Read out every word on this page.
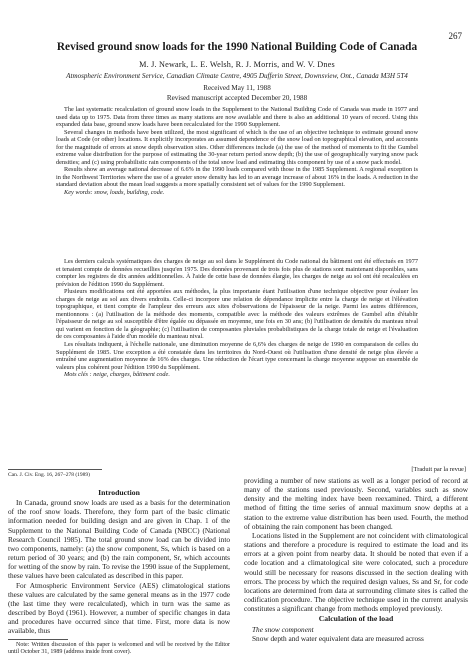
267
Revised ground snow loads for the 1990 National Building Code of Canada
M. J. Newark, L. E. Welsh, R. J. Morris, and W. V. Dnes
Atmospheric Environment Service, Canadian Climate Centre, 4905 Dufferin Street, Downsview, Ont., Canada M3H 5T4
Received May 11, 1988
Revised manuscript accepted December 20, 1988

The last systematic recalculation of ground snow loads in the Supplement to the National Building Code of Canada was made in 1977 and used data up to 1975. Data from three times as many stations are now available and there is also an additional 10 years of record. Using this expanded data base, ground snow loads have been recalculated for the 1990 Supplement.

Several changes in methods have been utilized, the most significant of which is the use of an objective technique to estimate ground snow loads at Code (or other) locations. It explicitly incorporates an assumed dependence of the snow load on topographical elevation, and accounts for the magnitude of errors at snow depth observation sites. Other differences include (a) the use of the method of moments to fit the Gumbel extreme value distribution for the purpose of estimating the 30-year return period snow depth; (b) the use of geographically varying snow pack densities; and (c) using probabilistic rain components of the total snow load and estimating this component by use of a snow pack model.

Results show an average national decrease of 6.6% in the 1990 loads compared with those in the 1985 Supplement. A regional exception is in the Northwest Territories where the use of a greater snow density has led to an average increase of about 16% in the loads. A reduction in the standard deviation about the mean load suggests a more spatially consistent set of values for the 1990 Supplement.

Key words: snow, loads, building, code.

Les derniers calculs systématiques des charges de neige au sol dans le Supplément du Code national du bâtiment ont été effectués en 1977 et tenaient compte de données recueillies jusqu'en 1975. Des données provenant de trois fois plus de stations sont maintenant disponibles, sans compter les registres de dix années additionnelles. À l'aide de cette base de données élargie, les charges de neige au sol ont été recalculées en prévision de l'édition 1990 du Supplément.

Plusieurs modifications ont été apportées aux méthodes, la plus importante étant l'utilisation d'une technique objective pour évaluer les charges de neige au sol aux divers endroits. Celle-ci incorpore une relation de dépendance implicite entre la charge de neige et l'élévation topographique, et tient compte de l'ampleur des erreurs aux sites d'observations de l'épaisseur de la neige. Parmi les autres différences, mentionnons : (a) l'utilisation de la méthode des moments, compatible avec la méthode des valeurs extrêmes de Gumbel afin d'établir l'épaisseur de neige au sol susceptible d'être égalée ou dépassée en moyenne, une fois en 30 ans; (b) l'utilisation de densités du manteau nival qui varient en fonction de la géographie; (c) l'utilisation de composantes pluviales probabilistiques de la charge totale de neige et l'évaluation de ces composantes à l'aide d'un modèle du manteau nival.

Les résultats indiquent, à l'échelle nationale, une diminution moyenne de 6,6% des charges de neige de 1990 en comparaison de celles du Supplément de 1985. Une exception a été constatée dans les territoires du Nord-Ouest où l'utilisation d'une densité de neige plus élevée a entraîné une augmentation moyenne de 16% des charges. Une réduction de l'écart type concernant la charge moyenne suppose un ensemble de valeurs plus cohérent pour l'édition 1990 du Supplément.

Mots clés : neige, charges, bâtiment code.

[Traduit par la revue]
Can. J. Civ. Eng. 16, 267–278 (1989)
Introduction

In Canada, ground snow loads are used as a basis for the determination of the roof snow loads. Therefore, they form part of the basic climatic information needed for building design and are given in Chap. 1 of the Supplement to the National Building Code of Canada (NBCC) (National Research Council 1985). The total ground snow load can be divided into two components, namely: (a) the snow component, Ss, which is based on a return period of 30 years; and (b) the rain component, Sr, which accounts for wetting of the snow by rain. To revise the 1990 issue of the Supplement, these values have been calculated as described in this paper.

For Atmospheric Environment Service (AES) climatological stations these values are calculated by the same general means as in the 1977 code (the last time they were recalculated), which in turn was the same as described by Boyd (1961). However, a number of specific changes in data and procedures have occurred since that time. First, more data is now available, thus

Note: Written discussion of this paper is welcomed and will be received by the Editor until October 31, 1989 (address inside front cover).

providing a number of new stations as well as a longer period of record at many of the stations used previously. Second, variables such as snow density and the melting index have been reexamined. Third, a different method of fitting the time series of annual maximum snow depths at a station to the extreme value distribution has been used. Fourth, the method of obtaining the rain component has been changed.

Locations listed in the Supplement are not coincident with climatological stations and therefore a procedure is required to estimate the load and its errors at a given point from nearby data. It should be noted that even if a code location and a climatological site were colocated, such a procedure would still be necessary for reasons discussed in the section dealing with errors. The process by which the required design values, Ss and Sr, for code locations are determined from data at surrounding climate sites is called the codification procedure. The objective technique used in the current analysis constitutes a significant change from methods employed previously.

Calculation of the load

The snow component

Snow depth and water equivalent data are measured across
